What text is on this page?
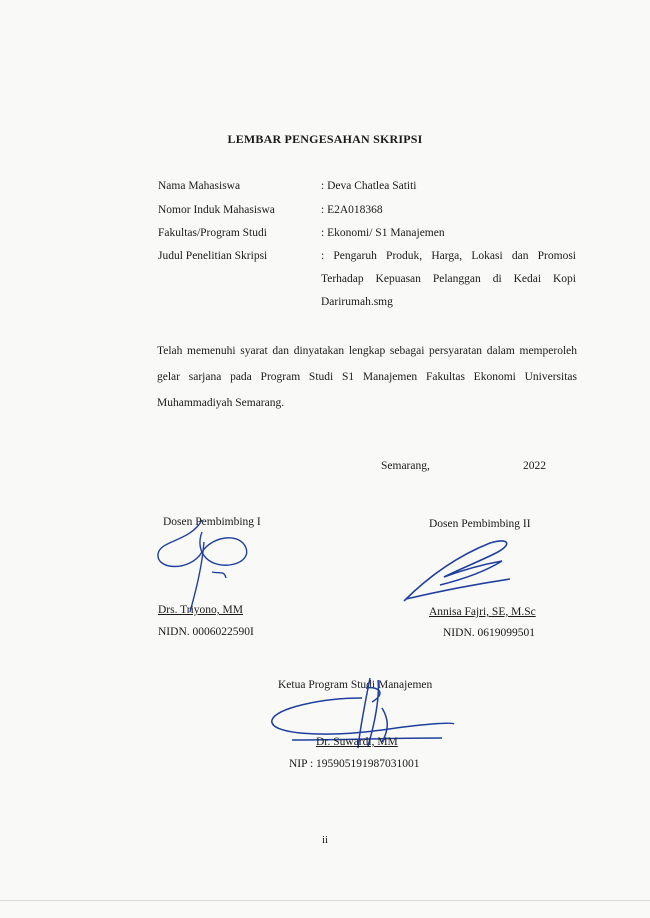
LEMBAR PENGESAHAN SKRIPSI
Nama Mahasiswa
Nomor Induk Mahasiswa
Fakultas/Program Studi
Judul Penelitian Skripsi
: Deva Chatlea Satiti
: E2A018368
: Ekonomi/ S1 Manajemen
: Pengaruh Produk, Harga, Lokasi dan Promosi
Terhadap Kepuasan Pelanggan di Kedai Kopi
Darirumah.smg
Telah memenuhi syarat dan dinyatakan lengkap sebagai persyaratan dalam memperoleh gelar sarjana pada Program Studi S1 Manajemen Fakultas Ekonomi Universitas Muhammadiyah Semarang.
Semarang,	2022
Dosen Pembimbing I
Drs. Triyono, MM
NIDN. 0006022590I
Dosen Pembimbing II
Annisa Fajri, SE, M.Sc
NIDN. 0619099501
Ketua Program Studi Manajemen
Dr. Suwardi, MM
NIP : 195905191987031001
ii
